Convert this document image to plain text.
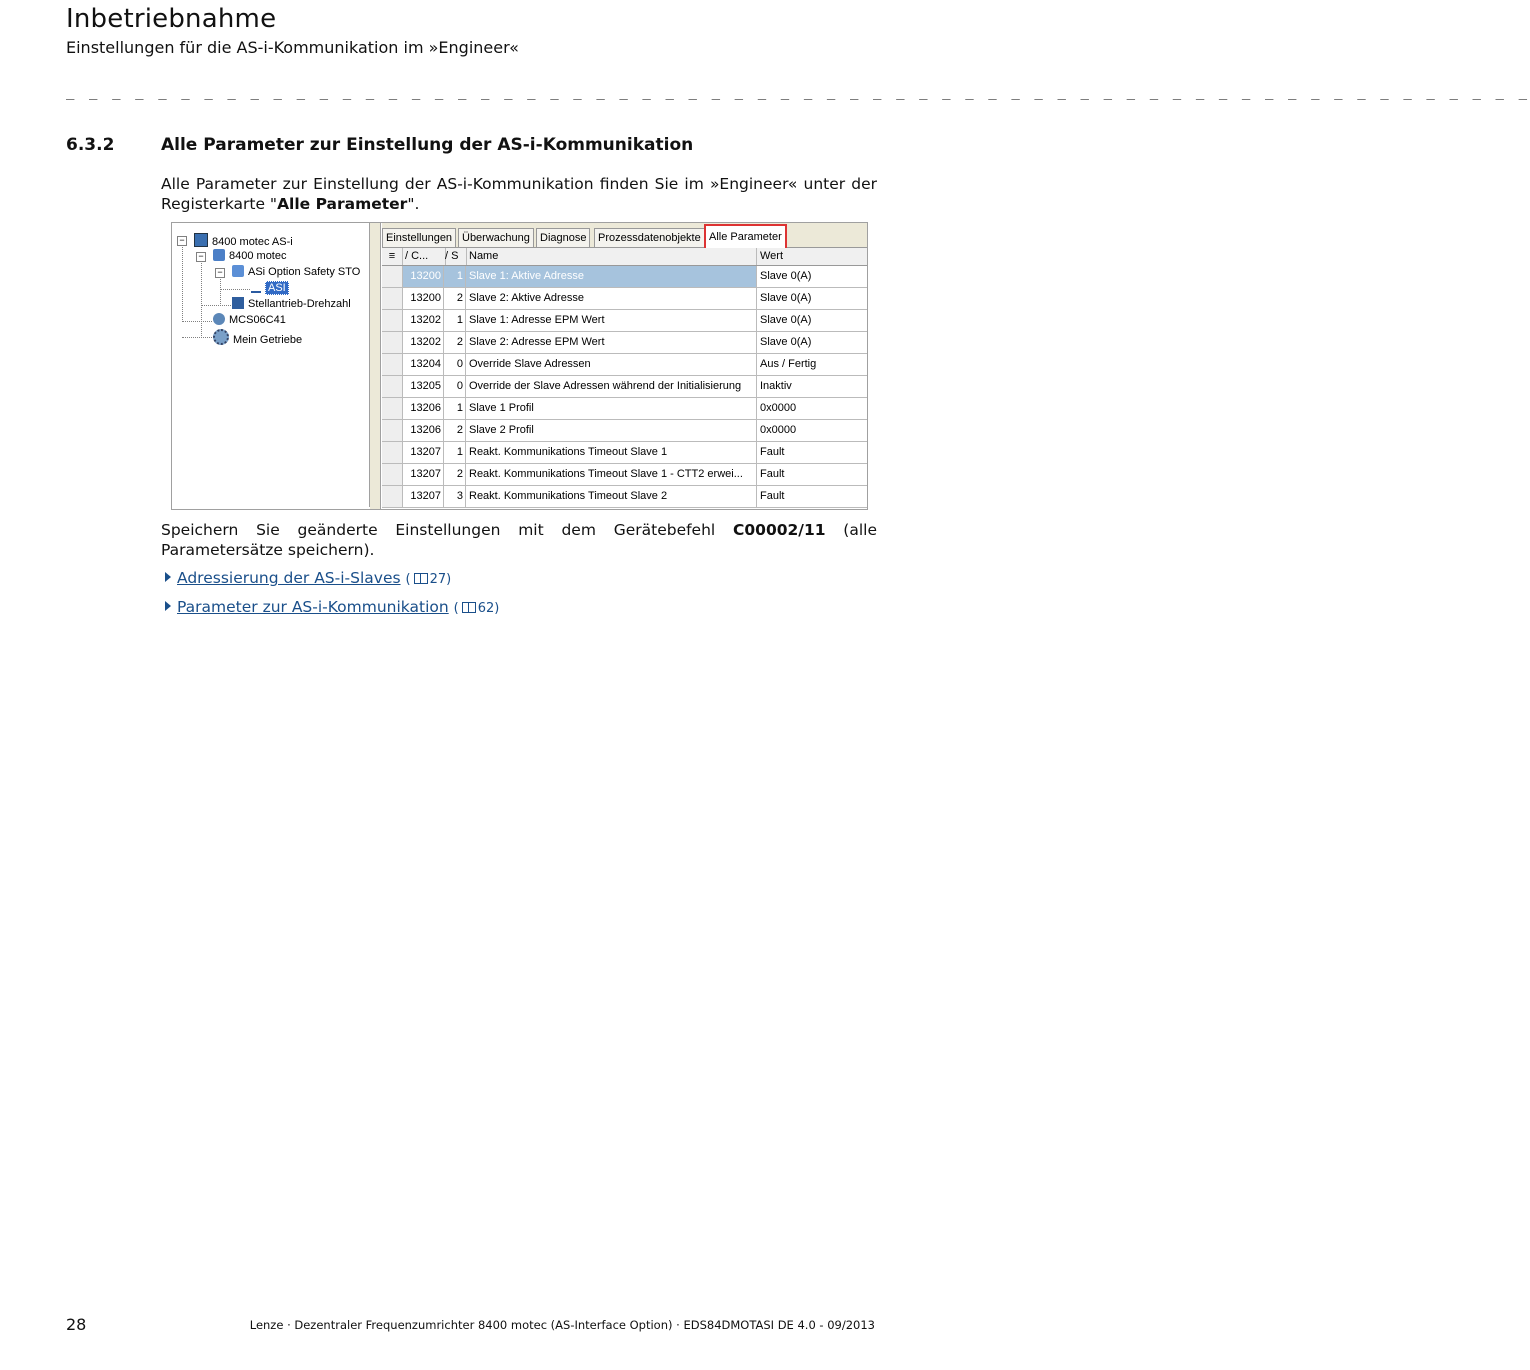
Inbetriebnahme
Einstellungen für die AS-i-Kommunikation im »Engineer«
_ _ _ _ _ _ _ _ _ _ _ _ _ _ _ _ _ _ _ _ _ _ _ _ _ _ _ _ _ _ _ _ _ _ _ _ _ _ _ _ _ _ _ _ _ _ _ _ _ _ _ _ _ _ _ _ _ _ _ _ _ _ _ _
6.3.2	Alle Parameter zur Einstellung der AS-i-Kommunikation
Alle Parameter zur Einstellung der AS-i-Kommunikation finden Sie im »Engineer« unter der Registerkarte "Alle Parameter".
−	8400 motec AS-i
−	8400 motec
−	ASi Option Safety STO
ASI
Stellantrieb-Drehzahl
MCS06C41
Mein Getriebe
Einstellungen Überwachung Diagnose	Prozessdatenobjekte Alle Parameter
≡ / C...	/ S Name	Wert
13200	1 Slave 1: Aktive Adresse	Slave 0(A)
13200	2 Slave 2: Aktive Adresse	Slave 0(A)
13202	1 Slave 1: Adresse EPM Wert	Slave 0(A)
13202	2 Slave 2: Adresse EPM Wert	Slave 0(A)
13204	0 Override Slave Adressen	Aus / Fertig
13205	0 Override der Slave Adressen während der Initialisierung	Inaktiv
13206	1 Slave 1 Profil	0x0000
13206	2 Slave 2 Profil	0x0000
13207	1 Reakt. Kommunikations Timeout Slave 1	Fault
13207	2 Reakt. Kommunikations Timeout Slave 1 - CTT2 erwei...	Fault
13207	3 Reakt. Kommunikations Timeout Slave 2	Fault
Speichern Sie geänderte Einstellungen mit dem Gerätebefehl C00002/11 (alle Parametersätze speichern).
Adressierung der AS-i-Slaves ( 27)
Parameter zur AS-i-Kommunikation ( 62)
28	Lenze · Dezentraler Frequenzumrichter 8400 motec (AS-Interface Option) · EDS84DMOTASI DE 4.0 - 09/2013
